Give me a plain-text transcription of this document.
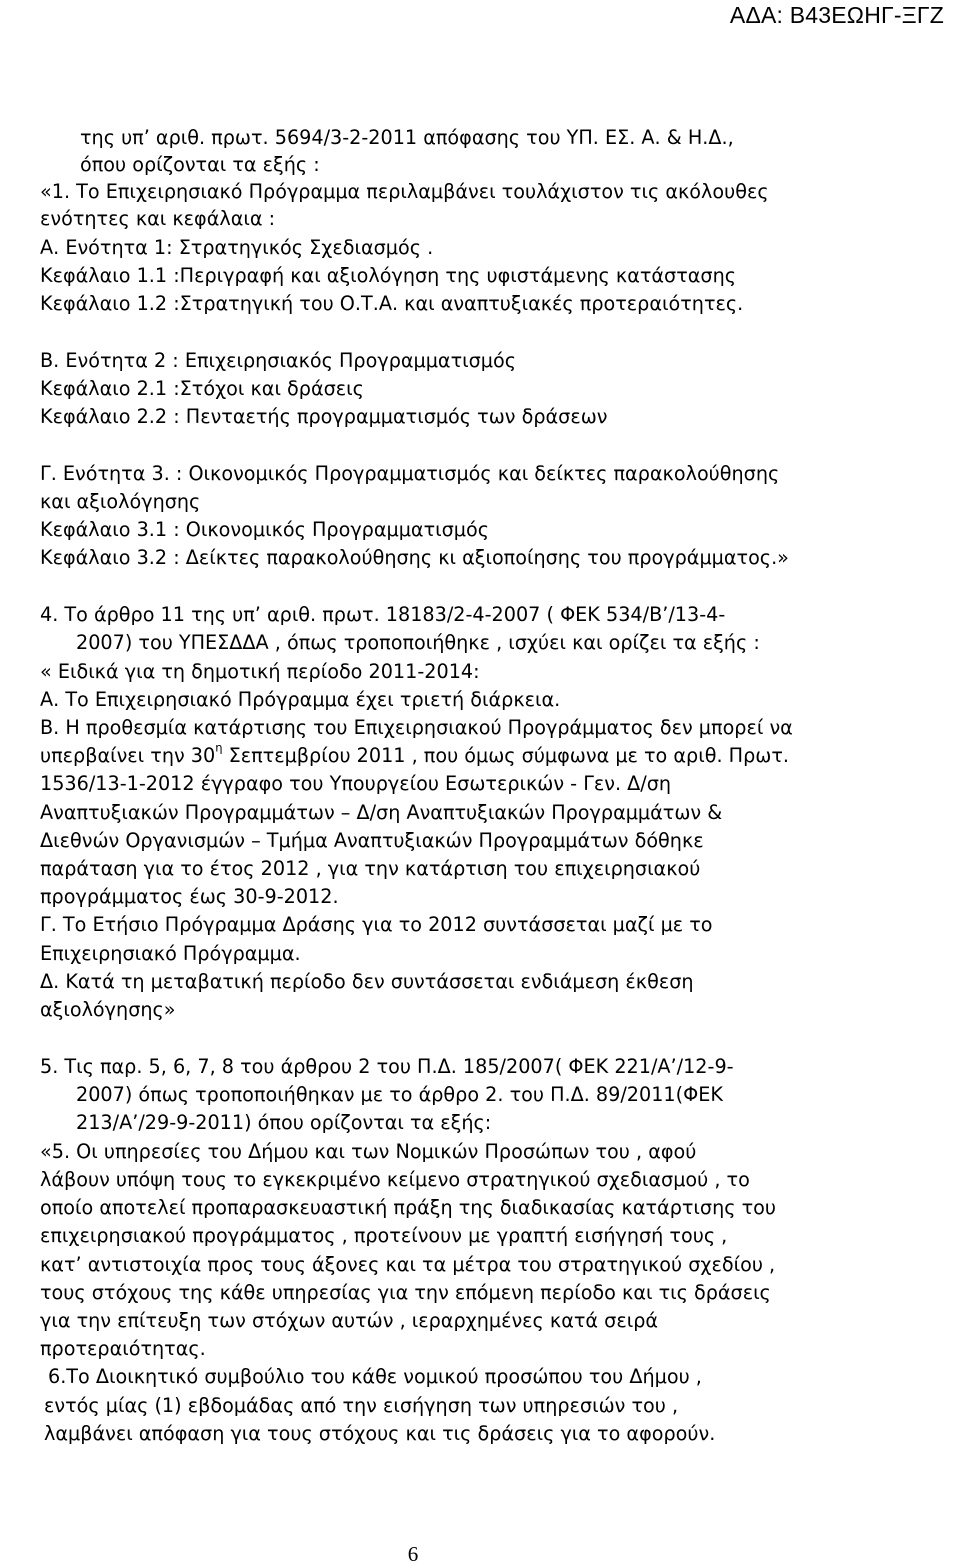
ΑΔΑ: Β43ΕΩΗΓ-ΞΓΖ
της υπ’ αριθ. πρωτ. 5694/3-2-2011 απόφασης του ΥΠ. ΕΣ. Α. & Η.Δ.,
όπου ορίζονται τα εξής :
«1. Το Επιχειρησιακό Πρόγραμμα περιλαμβάνει τουλάχιστον τις ακόλουθες
ενότητες και κεφάλαια :
Α. Ενότητα 1: Στρατηγικός Σχεδιασμός .
Κεφάλαιο 1.1 :Περιγραφή και αξιολόγηση της υφιστάμενης κατάστασης
Κεφάλαιο 1.2 :Στρατηγική του Ο.Τ.Α. και αναπτυξιακές προτεραιότητες.
Β. Ενότητα 2 : Επιχειρησιακός Προγραμματισμός
Κεφάλαιο 2.1 :Στόχοι και δράσεις
Κεφάλαιο 2.2 : Πενταετής προγραμματισμός των δράσεων
Γ. Ενότητα 3. : Οικονομικός Προγραμματισμός και δείκτες παρακολούθησης
και αξιολόγησης
Κεφάλαιο 3.1 : Οικονομικός Προγραμματισμός
Κεφάλαιο 3.2 : Δείκτες παρακολούθησης κι αξιοποίησης του προγράμματος.»
4. Το άρθρο 11 της υπ’ αριθ. πρωτ. 18183/2-4-2007 ( ΦΕΚ 534/Β’/13-4-
2007) του ΥΠΕΣΔΔΑ , όπως τροποποιήθηκε , ισχύει και ορίζει τα εξής :
« Ειδικά για τη δημοτική περίοδο 2011-2014:
Α. Το Επιχειρησιακό Πρόγραμμα έχει τριετή διάρκεια.
Β. Η προθεσμία κατάρτισης του Επιχειρησιακού Προγράμματος δεν μπορεί να
υπερβαίνει την $30^\eta$ Σεπτεμβρίου 2011 , που όμως σύμφωνα με το αριθ. Πρωτ.
1536/13-1-2012 έγγραφο του Υπουργείου Εσωτερικών - Γεν. Δ/ση
Αναπτυξιακών Προγραμμάτων – Δ/ση Αναπτυξιακών Προγραμμάτων &
Διεθνών Οργανισμών – Τμήμα Αναπτυξιακών Προγραμμάτων δόθηκε
παράταση για το έτος 2012 , για την κατάρτιση του επιχειρησιακού
προγράμματος έως 30-9-2012.
Γ. Το Ετήσιο Πρόγραμμα Δράσης για το 2012 συντάσσεται μαζί με το
Επιχειρησιακό Πρόγραμμα.
Δ. Κατά τη μεταβατική περίοδο δεν συντάσσεται ενδιάμεση έκθεση
αξιολόγησης»
5. Τις παρ. 5, 6, 7, 8 του άρθρου 2 του Π.Δ. 185/2007( ΦΕΚ 221/Α’/12-9-
2007) όπως τροποποιήθηκαν με το άρθρο 2. του Π.Δ. 89/2011(ΦΕΚ
213/Α’/29-9-2011) όπου ορίζονται τα εξής:
«5. Οι υπηρεσίες του Δήμου και των Νομικών Προσώπων του , αφού
λάβουν υπόψη τους το εγκεκριμένο κείμενο στρατηγικού σχεδιασμού , το
οποίο αποτελεί προπαρασκευαστική πράξη της διαδικασίας κατάρτισης του
επιχειρησιακού προγράμματος , προτείνουν με γραπτή εισήγησή τους ,
κατ’ αντιστοιχία προς τους άξονες και τα μέτρα του στρατηγικού σχεδίου ,
τους στόχους της κάθε υπηρεσίας για την επόμενη περίοδο και τις δράσεις
για την επίτευξη των στόχων αυτών , ιεραρχημένες κατά σειρά
προτεραιότητας.
6.Το Διοικητικό συμβούλιο του κάθε νομικού προσώπου του Δήμου ,
εντός μίας (1) εβδομάδας από την εισήγηση των υπηρεσιών του ,
λαμβάνει απόφαση για τους στόχους και τις δράσεις για το αφορούν.
6
